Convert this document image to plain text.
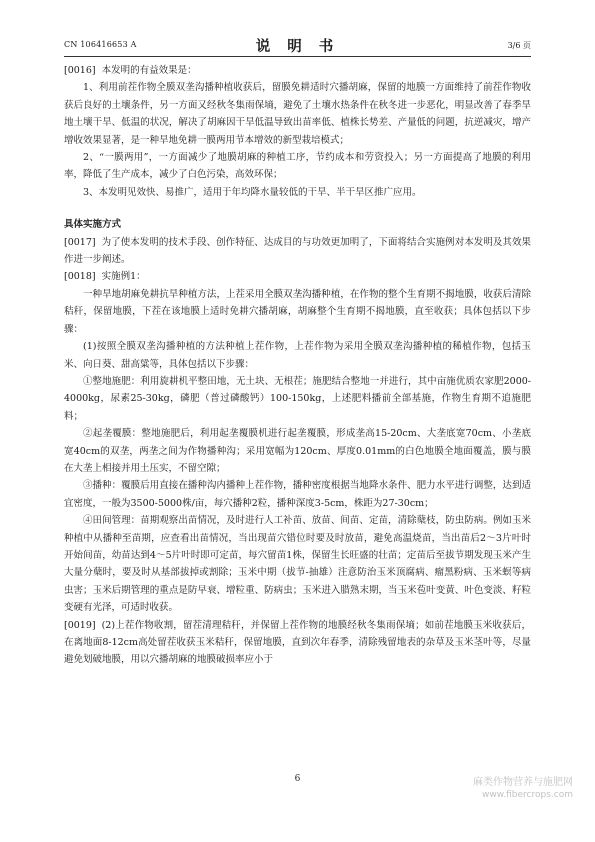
CN 106416653 A	说 明 书	3/6 页

[0016] 本发明的有益效果是：

1、利用前茬作物全膜双垄沟播种植收获后，留膜免耕适时穴播胡麻，保留的地膜一方面维持了前茬作物收获后良好的土壤条件，另一方面又经秋冬集雨保墒，避免了土壤水热条件在秋冬进一步恶化，明显改善了春季旱地土壤干旱、低温的状况，解决了胡麻因干旱低温导致出苗率低、植株长势差、产量低的问题，抗逆减灾，增产增收效果显著，是一种旱地免耕一膜两用节本增效的新型栽培模式；

2、“一膜两用”，一方面减少了地膜胡麻的种植工序，节约成本和劳资投入；另一方面提高了地膜的利用率，降低了生产成本，减少了白色污染，高效环保；

3、本发明见效快、易推广，适用于年均降水量较低的干旱、半干旱区推广应用。

具体实施方式

[0017] 为了使本发明的技术手段、创作特征、达成目的与功效更加明了，下面将结合实施例对本发明及其效果作进一步阐述。

[0018] 实施例1：

一种旱地胡麻免耕抗旱种植方法，上茬采用全膜双垄沟播种植，在作物的整个生育期不揭地膜，收获后清除秸秆，保留地膜，下茬在该地膜上适时免耕穴播胡麻，胡麻整个生育期不揭地膜，直至收获；具体包括以下步骤：

(1)按照全膜双垄沟播种植的方法种植上茬作物，上茬作物为采用全膜双垄沟播种植的稀植作物，包括玉米、向日葵、甜高粱等，具体包括以下步骤：

①整地施肥：利用旋耕机平整田地，无土块、无根茬；施肥结合整地一并进行，其中亩施优质农家肥2000-4000kg，尿素25-30kg，磷肥（普过磷酸钙）100-150kg，上述肥料播前全部基施，作物生育期不追施肥料；

②起垄覆膜：整地施肥后，利用起垄覆膜机进行起垄覆膜，形成垄高15-20cm、大垄底宽70cm、小垄底宽40cm的双垄，两垄之间为作物播种沟；采用宽幅为120cm、厚度0.01mm的白色地膜全地面覆盖，膜与膜在大垄上相接并用土压实，不留空隙；

③播种：覆膜后用直接在播种沟内播种上茬作物，播种密度根据当地降水条件、肥力水平进行调整，达到适宜密度，一般为3500-5000株/亩，每穴播种2粒，播种深度3-5cm，株距为27-30cm；

④田间管理：苗期观察出苗情况，及时进行人工补苗、放苗、间苗、定苗，清除蘖枝，防虫防病。例如玉米种植中从播种至苗期，应查看出苗情况，当出现苗穴错位时要及时放苗，避免高温烧苗，当出苗后2～3片叶时开始间苗，幼苗达到4～5片叶时即可定苗，每穴留苗1株，保留生长旺盛的壮苗；定苗后至拔节期发现玉米产生大量分蘖时，要及时从基部拔掉或割除；玉米中期（拔节-抽雄）注意防治玉米顶腐病、瘤黑粉病、玉米螟等病虫害；玉米后期管理的重点是防早衰、增粒重、防病虫；玉米进入腊熟末期，当玉米苞叶变黄、叶色变淡、籽粒变硬有光泽，可适时收获。

[0019] (2)上茬作物收割，留茬清理秸秆，并保留上茬作物的地膜经秋冬集雨保墒；如前茬地膜玉米收获后，在离地面8-12cm高处留茬收获玉米秸秆，保留地膜，直到次年春季，清除残留地表的杂草及玉米茎叶等，尽量避免划破地膜，用以穴播胡麻的地膜破损率应小于

6	麻类作物营养与施肥网
www.fibercrops.com
